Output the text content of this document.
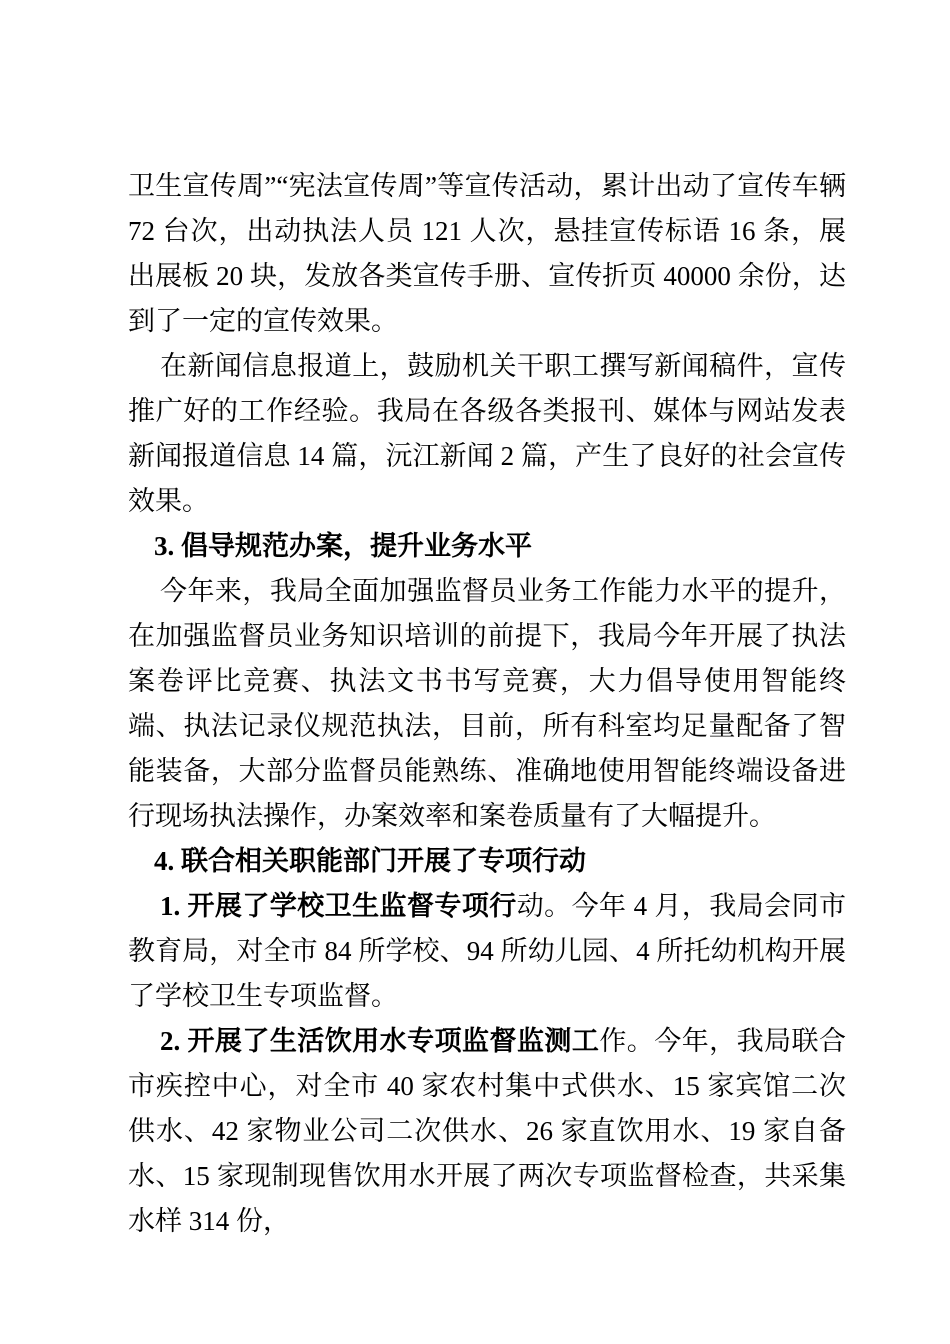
卫生宣传周”“宪法宣传周”等宣传活动，累计出动了宣传车辆 72 台次，出动执法人员 121 人次，悬挂宣传标语 16 条，展出展板 20 块，发放各类宣传手册、宣传折页 40000 余份，达到了一定的宣传效果。

在新闻信息报道上，鼓励机关干职工撰写新闻稿件，宣传推广好的工作经验。我局在各级各类报刊、媒体与网站发表新闻报道信息 14 篇，沅江新闻 2 篇，产生了良好的社会宣传效果。

3. 倡导规范办案，提升业务水平

今年来，我局全面加强监督员业务工作能力水平的提升，在加强监督员业务知识培训的前提下，我局今年开展了执法案卷评比竞赛、执法文书书写竞赛，大力倡导使用智能终端、执法记录仪规范执法，目前，所有科室均足量配备了智能装备，大部分监督员能熟练、准确地使用智能终端设备进行现场执法操作，办案效率和案卷质量有了大幅提升。

4. 联合相关职能部门开展了专项行动

1. 开展了学校卫生监督专项行动。今年 4 月，我局会同市教育局，对全市 84 所学校、94 所幼儿园、4 所托幼机构开展了学校卫生专项监督。

2. 开展了生活饮用水专项监督监测工作。今年，我局联合市疾控中心，对全市 40 家农村集中式供水、15 家宾馆二次供水、42 家物业公司二次供水、26 家直饮用水、19 家自备水、15 家现制现售饮用水开展了两次专项监督检查，共采集水样 314 份，
